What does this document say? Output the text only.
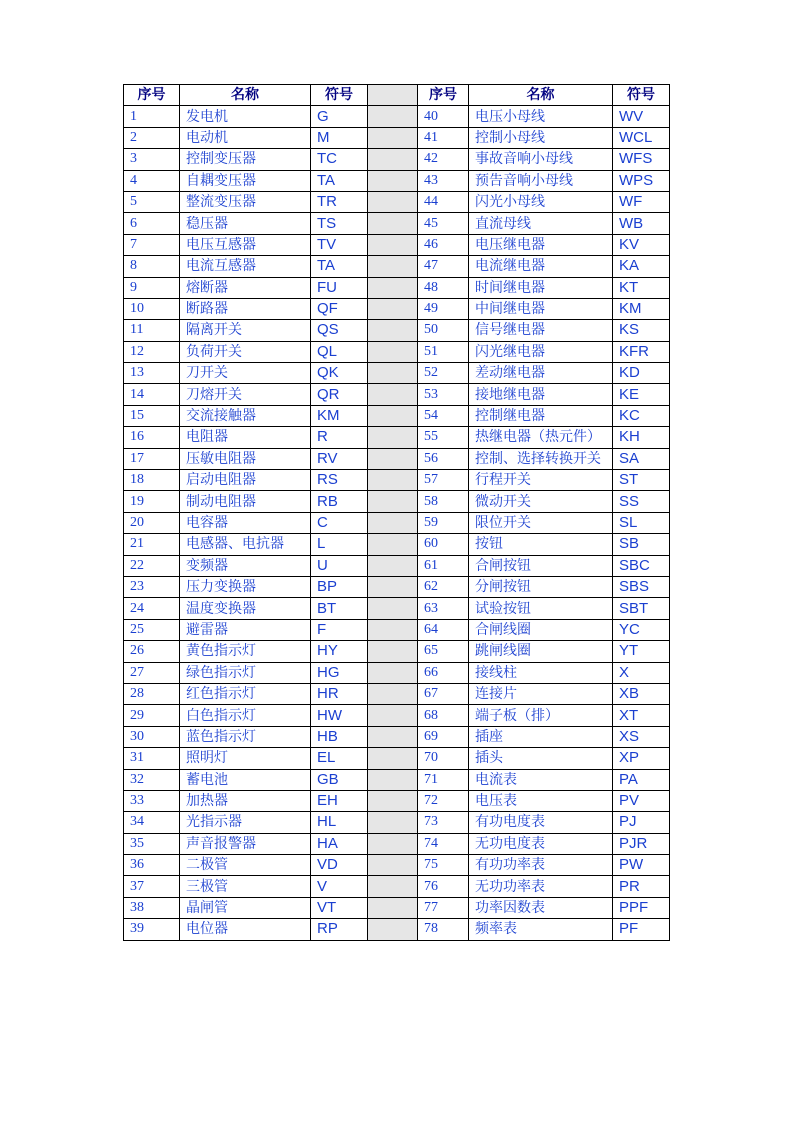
序号	名称	符号		序号	名称	符号
1	发电机	G		40	电压小母线	WV
2	电动机	M		41	控制小母线	WCL
3	控制变压器	TC		42	事故音响小母线	WFS
4	自耦变压器	TA		43	预告音响小母线	WPS
5	整流变压器	TR		44	闪光小母线	WF
6	稳压器	TS		45	直流母线	WB
7	电压互感器	TV		46	电压继电器	KV
8	电流互感器	TA		47	电流继电器	KA
9	熔断器	FU		48	时间继电器	KT
10	断路器	QF		49	中间继电器	KM
11	隔离开关	QS		50	信号继电器	KS
12	负荷开关	QL		51	闪光继电器	KFR
13	刀开关	QK		52	差动继电器	KD
14	刀熔开关	QR		53	接地继电器	KE
15	交流接触器	KM		54	控制继电器	KC
16	电阻器	R		55	热继电器（热元件）	KH
17	压敏电阻器	RV		56	控制、选择转换开关	SA
18	启动电阻器	RS		57	行程开关	ST
19	制动电阻器	RB		58	微动开关	SS
20	电容器	C		59	限位开关	SL
21	电感器、电抗器	L		60	按钮	SB
22	变频器	U		61	合闸按钮	SBC
23	压力变换器	BP		62	分闸按钮	SBS
24	温度变换器	BT		63	试验按钮	SBT
25	避雷器	F		64	合闸线圈	YC
26	黄色指示灯	HY		65	跳闸线圈	YT
27	绿色指示灯	HG		66	接线柱	X
28	红色指示灯	HR		67	连接片	XB
29	白色指示灯	HW		68	端子板（排）	XT
30	蓝色指示灯	HB		69	插座	XS
31	照明灯	EL		70	插头	XP
32	蓄电池	GB		71	电流表	PA
33	加热器	EH		72	电压表	PV
34	光指示器	HL		73	有功电度表	PJ
35	声音报警器	HA		74	无功电度表	PJR
36	二极管	VD		75	有功功率表	PW
37	三极管	V		76	无功功率表	PR
38	晶闸管	VT		77	功率因数表	PPF
39	电位器	RP		78	频率表	PF
